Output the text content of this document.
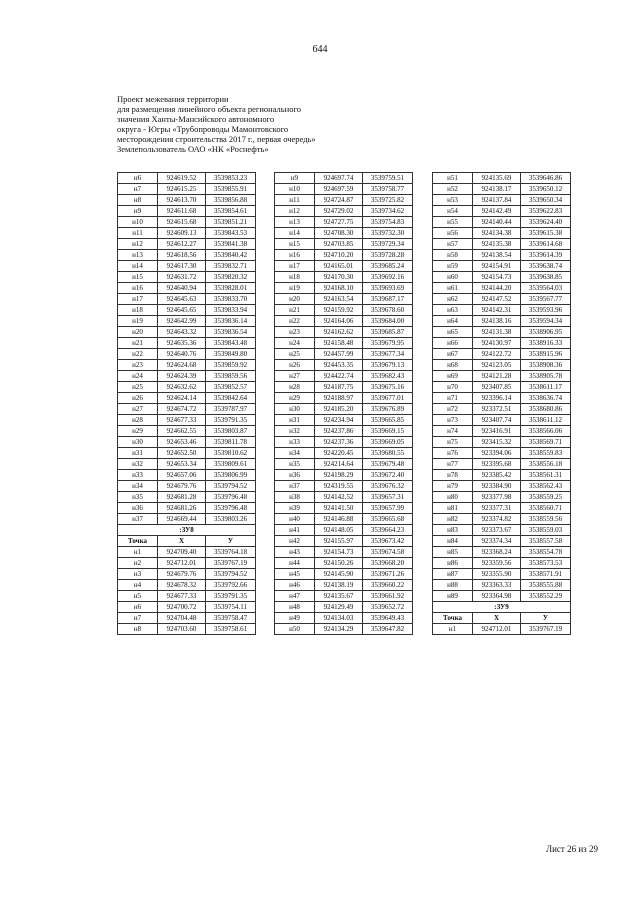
644
Проект межевания территории
для размещения линейного объекта регионального
значения Ханты-Мансийского автономного
округа - Югры «Трубопроводы Мамонтовского
месторождения строительства 2017 г., первая очередь»
Землепользователь ОАО «НК «Роснефть»
н6	924619.52	3539853.23
н7	924615.25	3539855.91
н8	924613.70	3539856.88
н9	924611.68	3539854.61
н10	924615.68	3539851.21
н11	924609.13	3539843.53
н12	924612.27	3539841.38
н13	924618.56	3539840.42
н14	924617.30	3539832.71
н15	924631.72	3539820.32
н16	924640.94	3539828.01
н17	924645.63	3539833.70
н18	924645.65	3539833.94
н19	924642.99	3539836.14
н20	924643.32	3539836.54
н21	924635.36	3539843.48
н22	924640.76	3539849.80
н23	924624.68	3539859.92
н24	924624.39	3539859.56
н25	924632.62	3539852.57
н26	924624.14	3539842.64
н27	924674.72	3539787.97
н28	924677.33	3539791.35
н29	924662.55	3539803.87
н30	924653.46	3539811.78
н31	924652.50	3539810.62
н32	924653.34	3539809.61
н33	924657.06	3539806.99
н34	924679.76	3539794.52
н35	924681.28	3539796.48
н36	924681.26	3539796.48
н37	924669.44	3539803.26
:ЗУ8		
Точка	X	У
н1	924709.40	3539764.18
н2	924712.01	3539767.19
н3	924679.76	3539794.52
н4	924678.32	3539792.66
н5	924677.33	3539791.35
н6	924700.72	3539754.11
н7	924704.48	3539758.47
н8	924703.60	3539758.61
н9	924697.74	3539759.51
н10	924697.59	3539758.77
н11	924724.87	3539725.82
н12	924729.02	3539734.62
н13	924727.75	3539754.83
н14	924708.30	3539732.30
н15	924703.85	3539729.34
н16	924710.20	3539728.28
н17	924165.01	3539685.24
н18	924170.30	3539692.16
н19	924168.10	3539693.69
н20	924163.54	3539687.17
н21	924159.92	3539678.60
н22	924164.06	3539684.00
н23	924162.62	3539685.87
н24	924158.48	3539679.95
н25	924457.99	3539677.34
н26	924453.35	3539679.13
н27	924422.74	3539682.43
н28	924187.75	3539675.16
н29	924188.97	3539677.01
н30	924185.20	3539676.89
н31	924234.94	3539665.85
н32	924237.86	3539669.15
н33	924237.36	3539669.05
н34	924220.45	3539680.55
н35	924214.64	3539679.48
н36	924198.29	3539672.40
н37	924319.55	3539676.32
н38	924142.52	3539657.31
н39	924141.50	3539657.99
н40	924146.88	3539665.68
н41	924148.05	3539664.23
н42	924155.97	3539673.42
н43	924154.73	3539674.58
н44	924150.26	3539668.20
н45	924145.90	3539671.26
н46	924138.19	3539660.22
н47	924135.67	3539661.92
н48	924129.49	3539652.72
н49	924134.03	3539649.43
н50	924134.29	3539647.82
н51	924135.69	3539646.86
н52	924138.17	3539650.12
н53	924137.84	3539650.34
н54	924142.49	3539622.83
н55	924140.44	3539624.40
н56	924134.38	3539615.38
н57	924135.38	3539614.68
н58	924138.54	3539614.39
н59	924154.91	3539638.74
н60	924154.73	3539638.85
н61	924144.20	3539564.03
н62	924147.52	3539567.77
н63	924142.31	3539593.96
н64	924138.16	3539594.34
н65	924131.38	3538906.95
н66	924130.97	3538916.33
н67	924122.72	3538915.96
н68	924123.05	3538908.36
н69	924121.28	3538905.78
н70	923407.85	3538611.17
н71	923396.14	3538636.74
н72	923372.51	3538680.86
н73	923407.74	3538611.12
н74	923416.91	3538566.06
н75	923415.32	3538569.71
н76	923394.06	3538559.83
н77	923395.68	3538556.18
н78	923385.42	3538561.31
н79	923384.90	3538562.43
н80	923377.98	3538559.25
н81	923377.31	3538560.71
н82	923374.82	3538559.56
н83	923373.67	3538559.03
н84	923374.34	3538557.58
н85	923368.24	3538554.78
н86	923359.56	3538573.53
н87	923355.90	3538571.91
н88	923363.33	3538555.88
н89	923364.98	3538552.29
:ЗУ9		
Точка	X	У
н1	924712.01	3539767.19
Лист 26 из 29
